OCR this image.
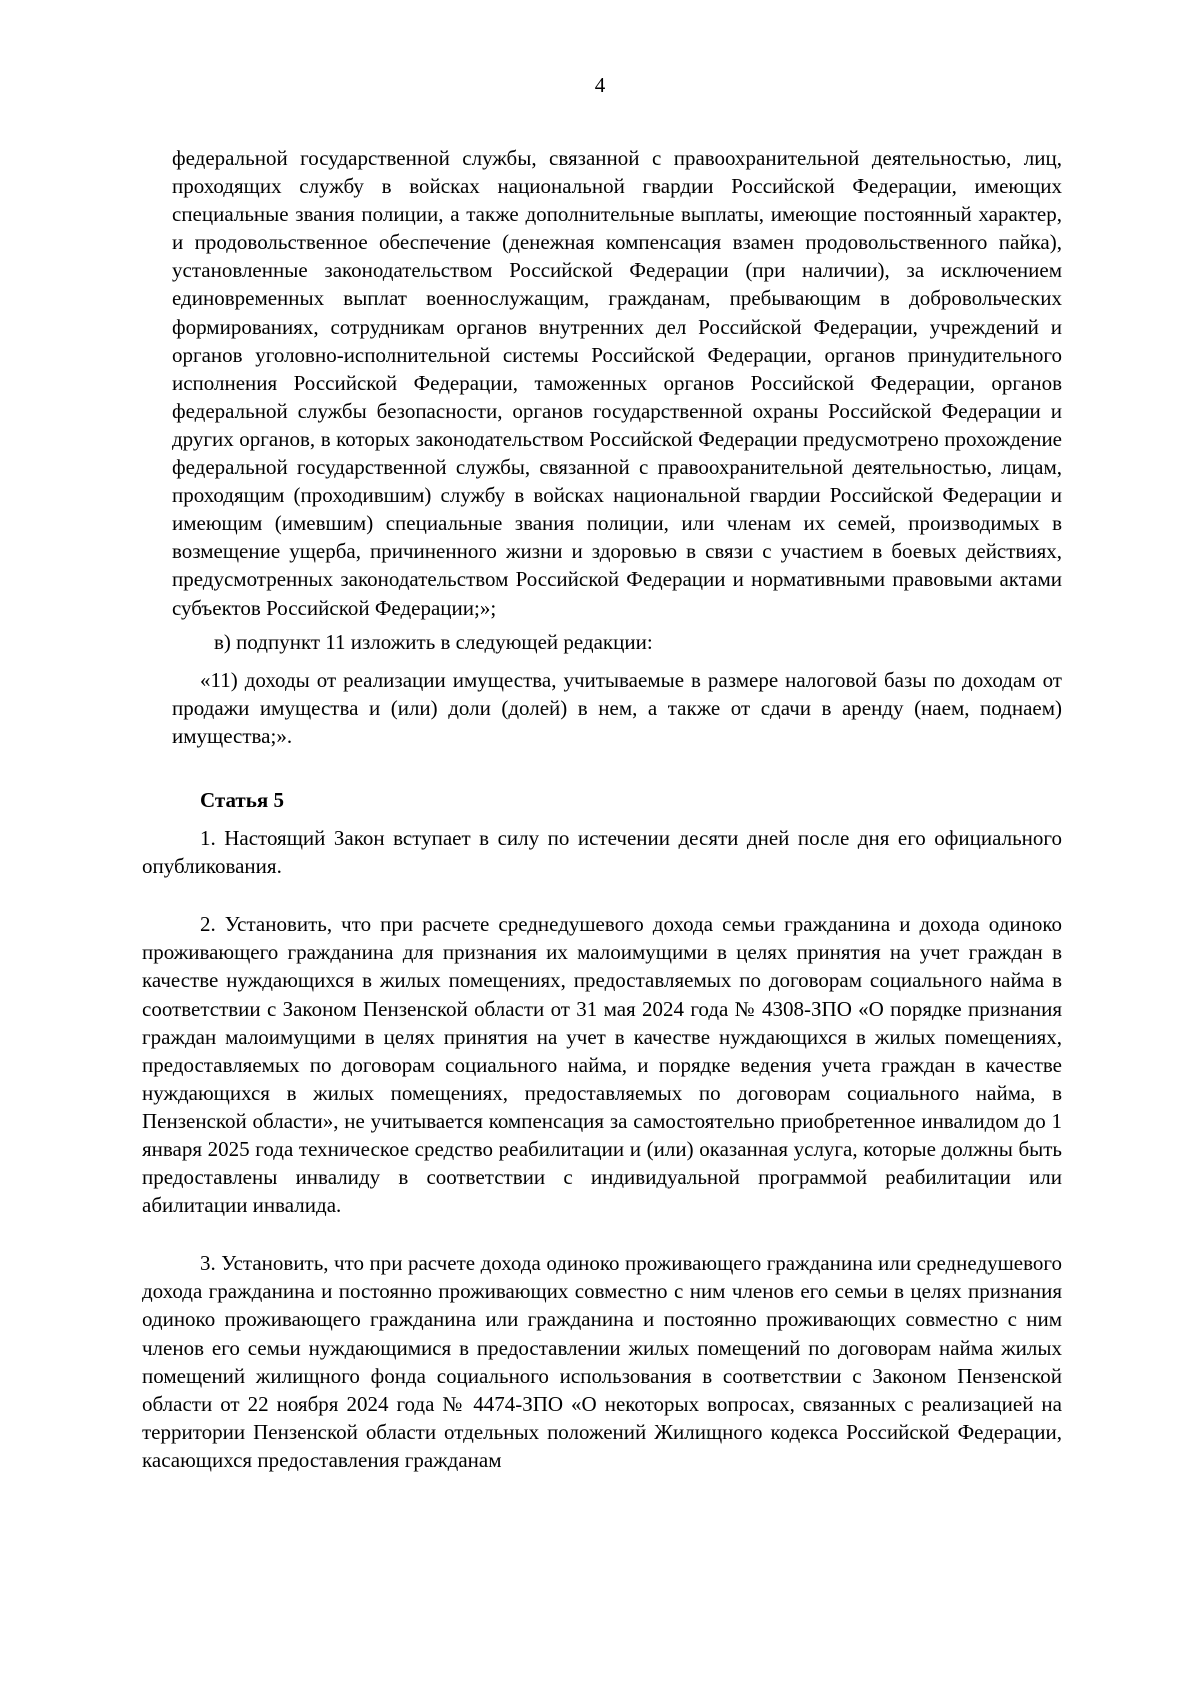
4

федеральной государственной службы, связанной с правоохранительной деятельностью, лиц, проходящих службу в войсках национальной гвардии Российской Федерации, имеющих специальные звания полиции, а также дополнительные выплаты, имеющие постоянный характер, и продовольственное обеспечение (денежная компенсация взамен продовольственного пайка), установленные законодательством Российской Федерации (при наличии), за исключением единовременных выплат военнослужащим, гражданам, пребывающим в добровольческих формированиях, сотрудникам органов внутренних дел Российской Федерации, учреждений и органов уголовно-исполнительной системы Российской Федерации, органов принудительного исполнения Российской Федерации, таможенных органов Российской Федерации, органов федеральной службы безопасности, органов государственной охраны Российской Федерации и других органов, в которых законодательством Российской Федерации предусмотрено прохождение федеральной государственной службы, связанной с правоохранительной деятельностью, лицам, проходящим (проходившим) службу в войсках национальной гвардии Российской Федерации и имеющим (имевшим) специальные звания полиции, или членам их семей, производимых в возмещение ущерба, причиненного жизни и здоровью в связи с участием в боевых действиях, предусмотренных законодательством Российской Федерации и нормативными правовыми актами субъектов Российской Федерации;»;

в) подпункт 11 изложить в следующей редакции:

«11) доходы от реализации имущества, учитываемые в размере налоговой базы по доходам от продажи имущества и (или) доли (долей) в нем, а также от сдачи в аренду (наем, поднаем) имущества;».

Статья 5

1. Настоящий Закон вступает в силу по истечении десяти дней после дня его официального опубликования.

2. Установить, что при расчете среднедушевого дохода семьи гражданина и дохода одиноко проживающего гражданина для признания их малоимущими в целях принятия на учет граждан в качестве нуждающихся в жилых помещениях, предоставляемых по договорам социального найма в соответствии с Законом Пензенской области от 31 мая 2024 года № 4308-ЗПО «О порядке признания граждан малоимущими в целях принятия на учет в качестве нуждающихся в жилых помещениях, предоставляемых по договорам социального найма, и порядке ведения учета граждан в качестве нуждающихся в жилых помещениях, предоставляемых по договорам социального найма, в Пензенской области», не учитывается компенсация за самостоятельно приобретенное инвалидом до 1 января 2025 года техническое средство реабилитации и (или) оказанная услуга, которые должны быть предоставлены инвалиду в соответствии с индивидуальной программой реабилитации или абилитации инвалида.

3. Установить, что при расчете дохода одиноко проживающего гражданина или среднедушевого дохода гражданина и постоянно проживающих совместно с ним членов его семьи в целях признания одиноко проживающего гражданина или гражданина и постоянно проживающих совместно с ним членов его семьи нуждающимися в предоставлении жилых помещений по договорам найма жилых помещений жилищного фонда социального использования в соответствии с Законом Пензенской области от 22 ноября 2024 года № 4474-ЗПО «О некоторых вопросах, связанных с реализацией на территории Пензенской области отдельных положений Жилищного кодекса Российской Федерации, касающихся предоставления гражданам
